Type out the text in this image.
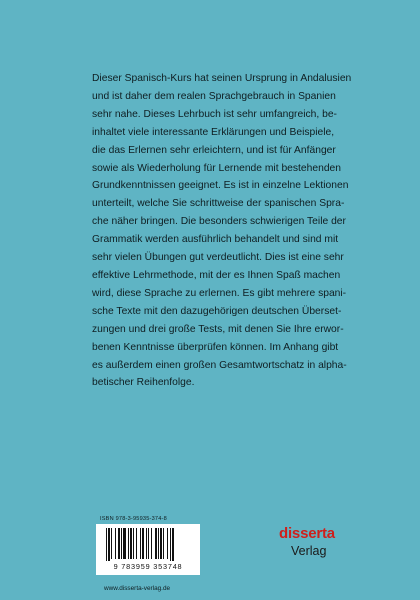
Dieser Spanisch-Kurs hat seinen Ursprung in Andalusien
und ist daher dem realen Sprachgebrauch in Spanien
sehr nahe. Dieses Lehrbuch ist sehr umfangreich, be-
inhaltet viele interessante Erklärungen und Beispiele,
die das Erlernen sehr erleichtern, und ist für Anfänger
sowie als Wiederholung für Lernende mit bestehenden
Grundkenntnissen geeignet. Es ist in einzelne Lektionen
unterteilt, welche Sie schrittweise der spanischen Spra-
che näher bringen. Die besonders schwierigen Teile der
Grammatik werden ausführlich behandelt und sind mit
sehr vielen Übungen gut verdeutlicht. Dies ist eine sehr
effektive Lehrmethode, mit der es Ihnen Spaß machen
wird, diese Sprache zu erlernen. Es gibt mehrere spani-
sche Texte mit den dazugehörigen deutschen Überset-
zungen und drei große Tests, mit denen Sie Ihre erwor-
benen Kenntnisse überprüfen können. Im Anhang gibt
es außerdem einen großen Gesamtwortschatz in alpha-
betischer Reihenfolge.

ISBN 978-3-95935-374-8
9 783959 353748
www.disserta-verlag.de
disserta
Verlag
